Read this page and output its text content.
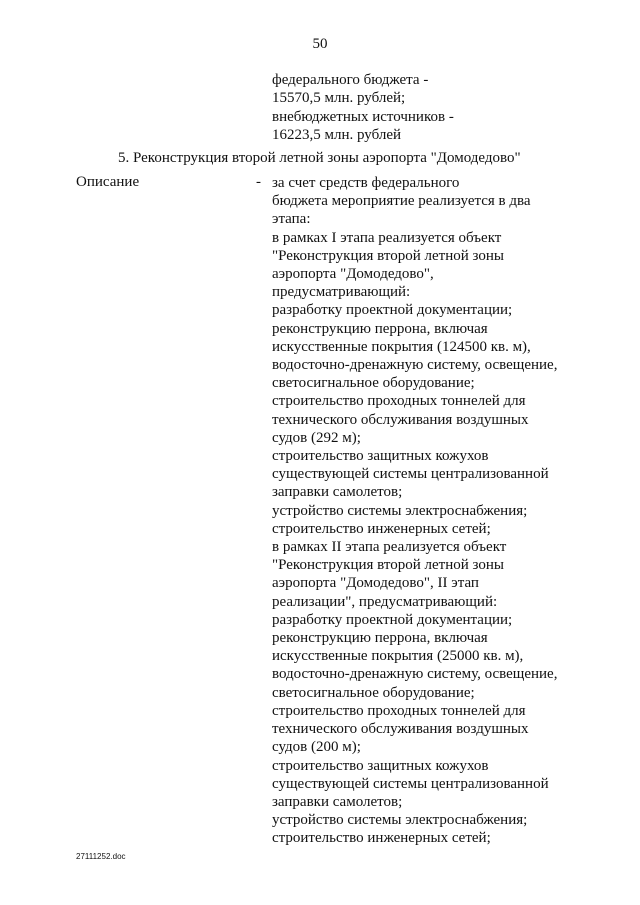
50
федерального бюджета -
15570,5 млн. рублей;
внебюджетных источников -
16223,5 млн. рублей
5. Реконструкция второй летной зоны аэропорта "Домодедово"
Описание	- за счет средств федерального
бюджета мероприятие реализуется в два
этапа:
в рамках I этапа реализуется объект
"Реконструкция второй летной зоны
аэропорта "Домодедово",
предусматривающий:
разработку проектной документации;
реконструкцию перрона, включая
искусственные покрытия (124500 кв. м),
водосточно-дренажную систему, освещение,
светосигнальное оборудование;
строительство проходных тоннелей для
технического обслуживания воздушных
судов (292 м);
строительство защитных кожухов
существующей системы централизованной
заправки самолетов;
устройство системы электроснабжения;
строительство инженерных сетей;
в рамках II этапа реализуется объект
"Реконструкция второй летной зоны
аэропорта "Домодедово", II этап
реализации", предусматривающий:
разработку проектной документации;
реконструкцию перрона, включая
искусственные покрытия (25000 кв. м),
водосточно-дренажную систему, освещение,
светосигнальное оборудование;
строительство проходных тоннелей для
технического обслуживания воздушных
судов (200 м);
строительство защитных кожухов
существующей системы централизованной
заправки самолетов;
устройство системы электроснабжения;
строительство инженерных сетей;
27111252.doc
